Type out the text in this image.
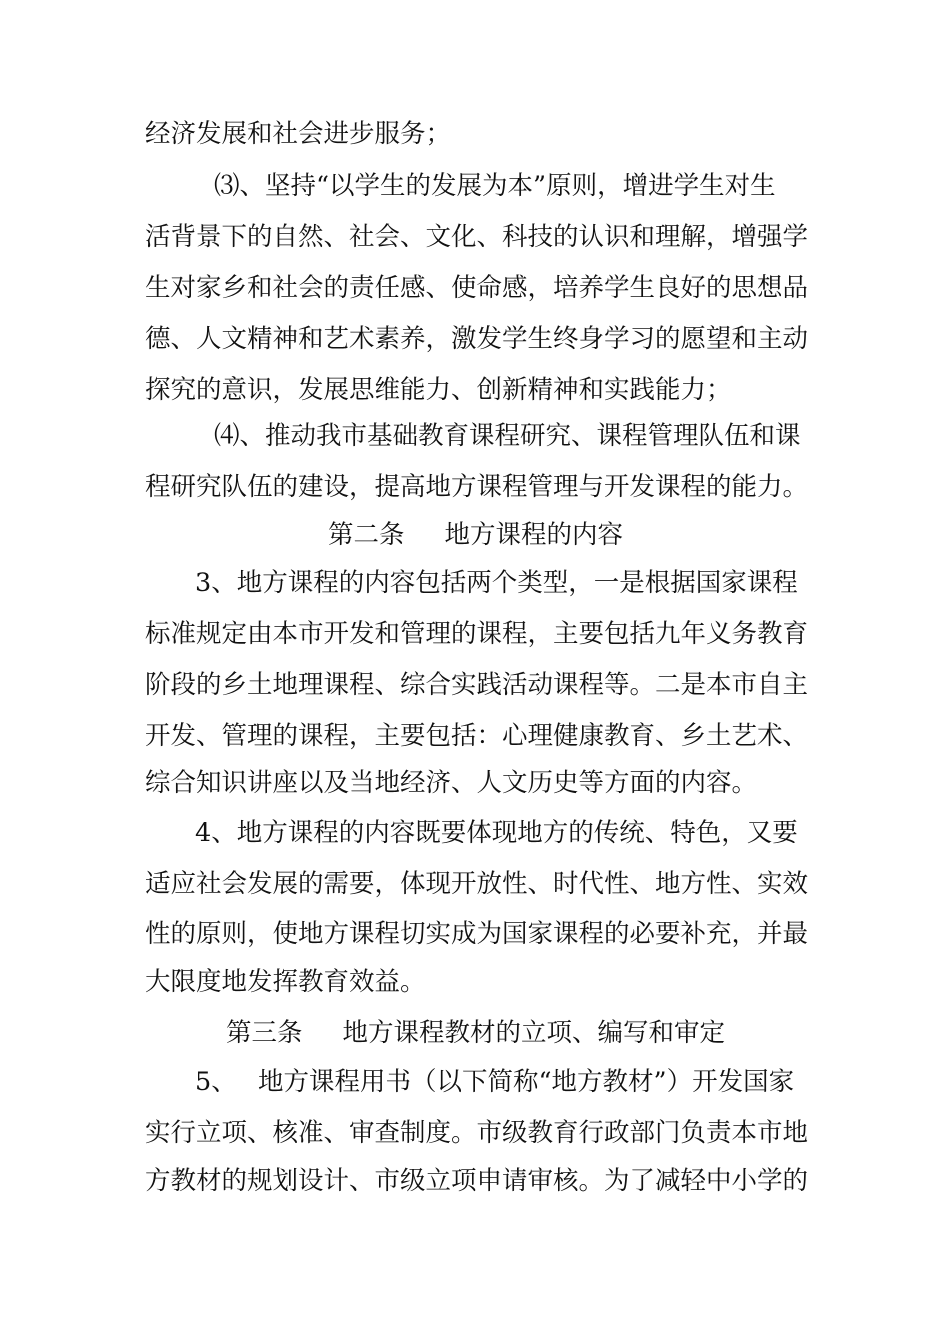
经济发展和社会进步服务；
⑶、坚持“以学生的发展为本”原则，增进学生对生
活背景下的自然、社会、文化、科技的认识和理解，增强学
生对家乡和社会的责任感、使命感，培养学生良好的思想品
德、人文精神和艺术素养，激发学生终身学习的愿望和主动
探究的意识，发展思维能力、创新精神和实践能力；
⑷、推动我市基础教育课程研究、课程管理队伍和课
程研究队伍的建设，提高地方课程管理与开发课程的能力。
第二条 地方课程的内容
3、地方课程的内容包括两个类型，一是根据国家课程
标准规定由本市开发和管理的课程，主要包括九年义务教育
阶段的乡土地理课程、综合实践活动课程等。二是本市自主
开发、管理的课程，主要包括：心理健康教育、乡土艺术、
综合知识讲座以及当地经济、人文历史等方面的内容。
4、地方课程的内容既要体现地方的传统、特色，又要
适应社会发展的需要，体现开放性、时代性、地方性、实效
性的原则，使地方课程切实成为国家课程的必要补充，并最
大限度地发挥教育效益。
第三条 地方课程教材的立项、编写和审定
5、 地方课程用书（以下简称“地方教材”）开发国家
实行立项、核准、审查制度。市级教育行政部门负责本市地
方教材的规划设计、市级立项申请审核。为了减轻中小学的
